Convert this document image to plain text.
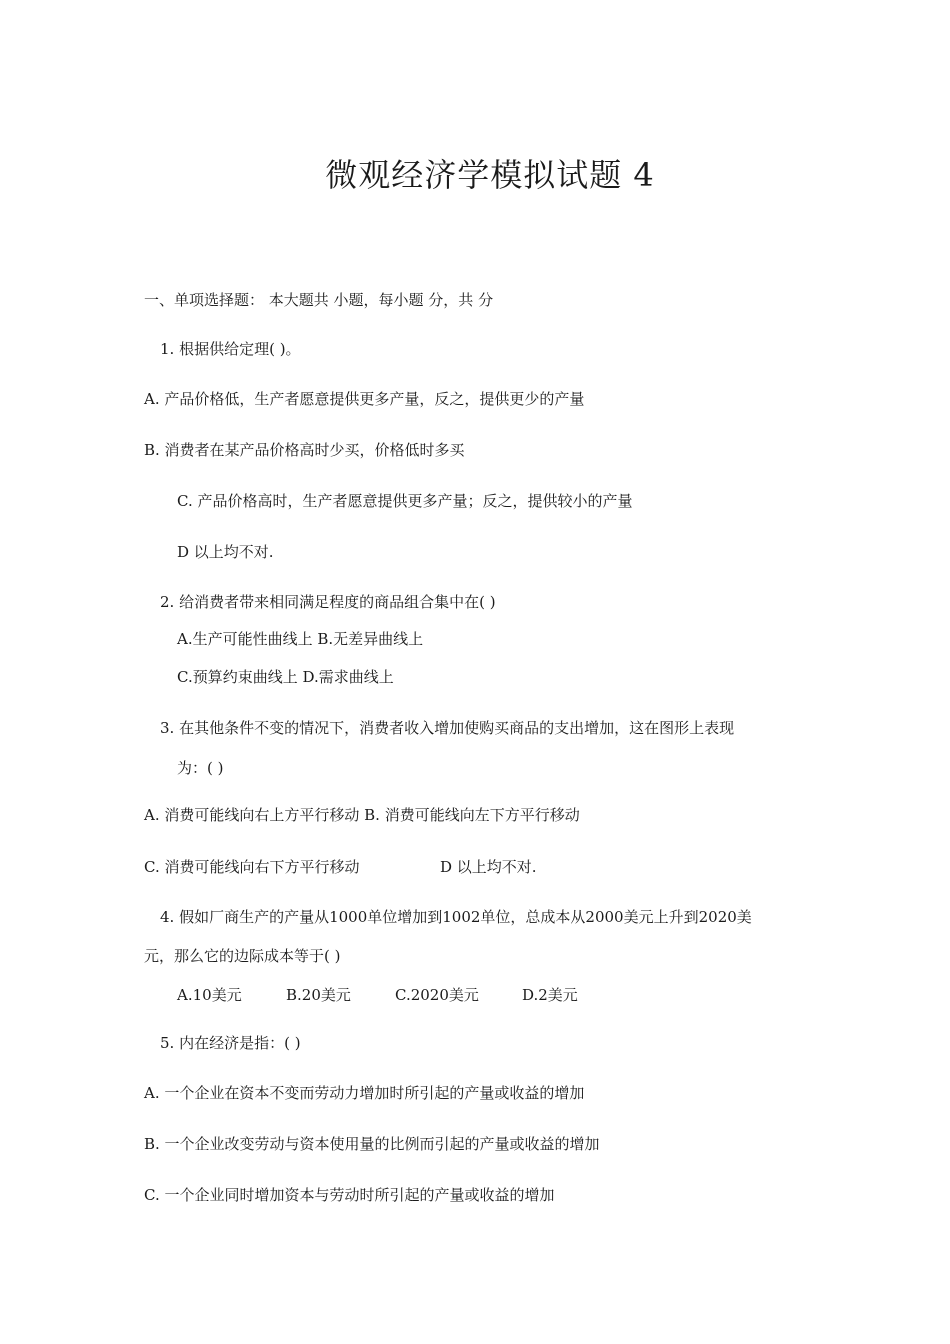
微观经济学模拟试题 4
一、单项选择题： 本大题共 小题，每小题 分，共 分
1. 根据供给定理( )。
A. 产品价格低，生产者愿意提供更多产量，反之，提供更少的产量
B. 消费者在某产品价格高时少买，价格低时多买
C. 产品价格高时，生产者愿意提供更多产量；反之，提供较小的产量
D 以上均不对.
2. 给消费者带来相同满足程度的商品组合集中在( )
A.生产可能性曲线上 B.无差异曲线上
C.预算约束曲线上 D.需求曲线上
3. 在其他条件不变的情况下，消费者收入增加使购买商品的支出增加，这在图形上表现
为：( )
A. 消费可能线向右上方平行移动 B. 消费可能线向左下方平行移动
C. 消费可能线向右下方平行移动	D 以上均不对.
4. 假如厂商生产的产量从1000单位增加到1002单位，总成本从2000美元上升到2020美
元，那么它的边际成本等于( )
A.10美元	B.20美元	C.2020美元	D.2美元
5. 内在经济是指：( )
A. 一个企业在资本不变而劳动力增加时所引起的产量或收益的增加
B. 一个企业改变劳动与资本使用量的比例而引起的产量或收益的增加
C. 一个企业同时增加资本与劳动时所引起的产量或收益的增加
